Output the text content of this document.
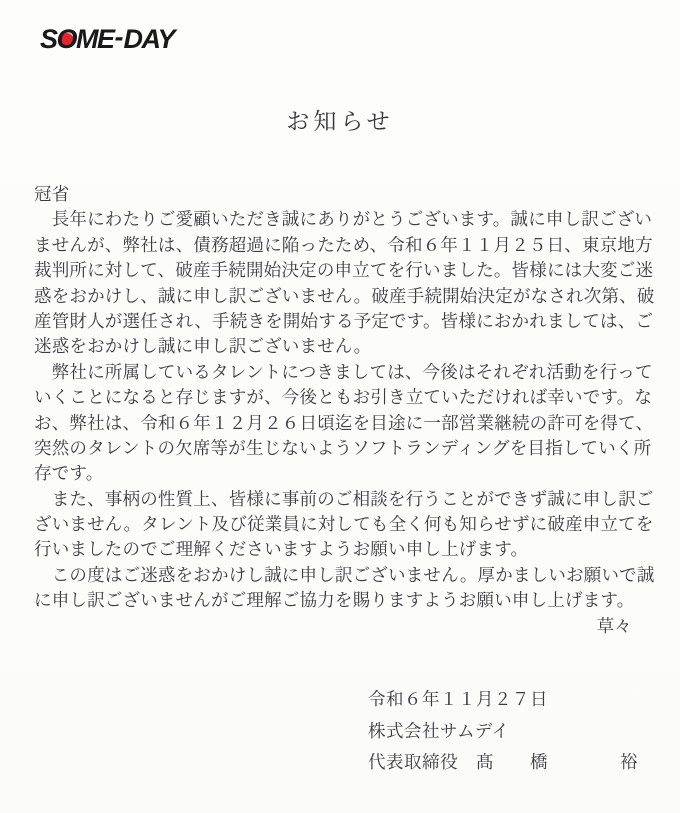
SOME-DAY
お知らせ
冠省
　長年にわたりご愛顧いただき誠にありがとうございます。誠に申し訳ござい
ませんが、弊社は、債務超過に陥ったため、令和６年１１月２５日、東京地方
裁判所に対して、破産手続開始決定の申立てを行いました。皆様には大変ご迷
惑をおかけし、誠に申し訳ございません。破産手続開始決定がなされ次第、破
産管財人が選任され、手続きを開始する予定です。皆様におかれましては、ご
迷惑をおかけし誠に申し訳ございません。
　弊社に所属しているタレントにつきましては、今後はそれぞれ活動を行って
いくことになると存じますが、今後ともお引き立ていただければ幸いです。な
お、弊社は、令和６年１２月２６日頃迄を目途に一部営業継続の許可を得て、
突然のタレントの欠席等が生じないようソフトランディングを目指していく所
存です。
　また、事柄の性質上、皆様に事前のご相談を行うことができず誠に申し訳ご
ざいません。タレント及び従業員に対しても全く何も知らせずに破産申立てを
行いましたのでご理解くださいますようお願い申し上げます。
　この度はご迷惑をおかけし誠に申し訳ございません。厚かましいお願いで誠
に申し訳ございませんがご理解ご協力を賜りますようお願い申し上げます。
草々
令和６年１１月２７日
株式会社サムデイ
代表取締役　髙　　橋　　　　裕
